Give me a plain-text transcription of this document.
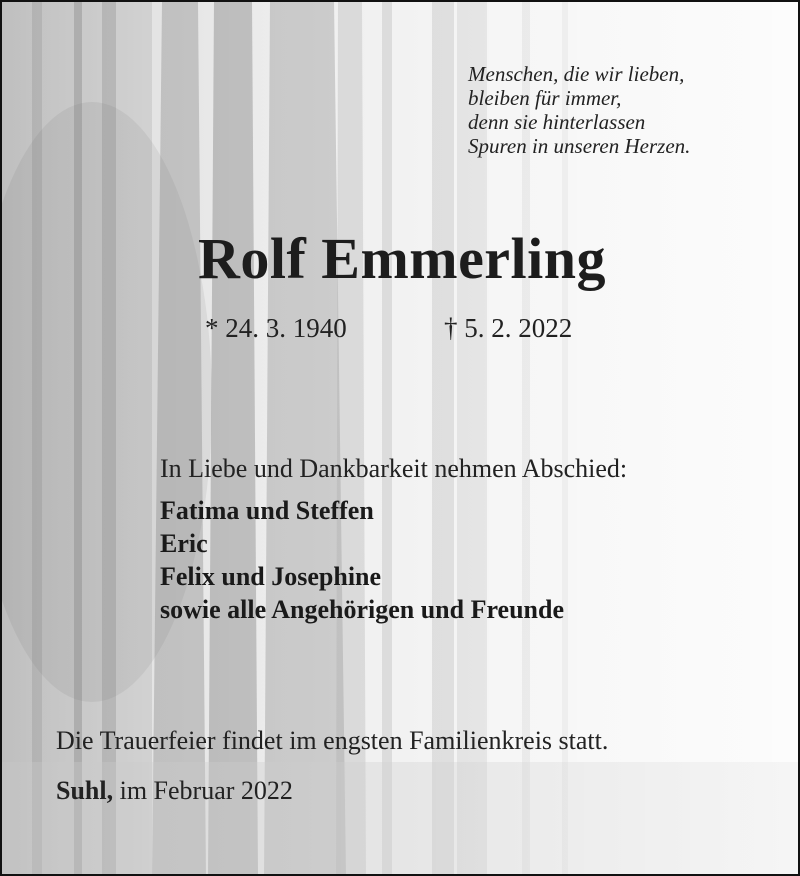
Menschen, die wir lieben,
bleiben für immer,
denn sie hinterlassen
Spuren in unseren Herzen.
Rolf Emmerling
* 24. 3. 1940	† 5. 2. 2022
In Liebe und Dankbarkeit nehmen Abschied:
Fatima und Steffen
Eric
Felix und Josephine
sowie alle Angehörigen und Freunde
Die Trauerfeier findet im engsten Familienkreis statt.
Suhl, im Februar 2022
